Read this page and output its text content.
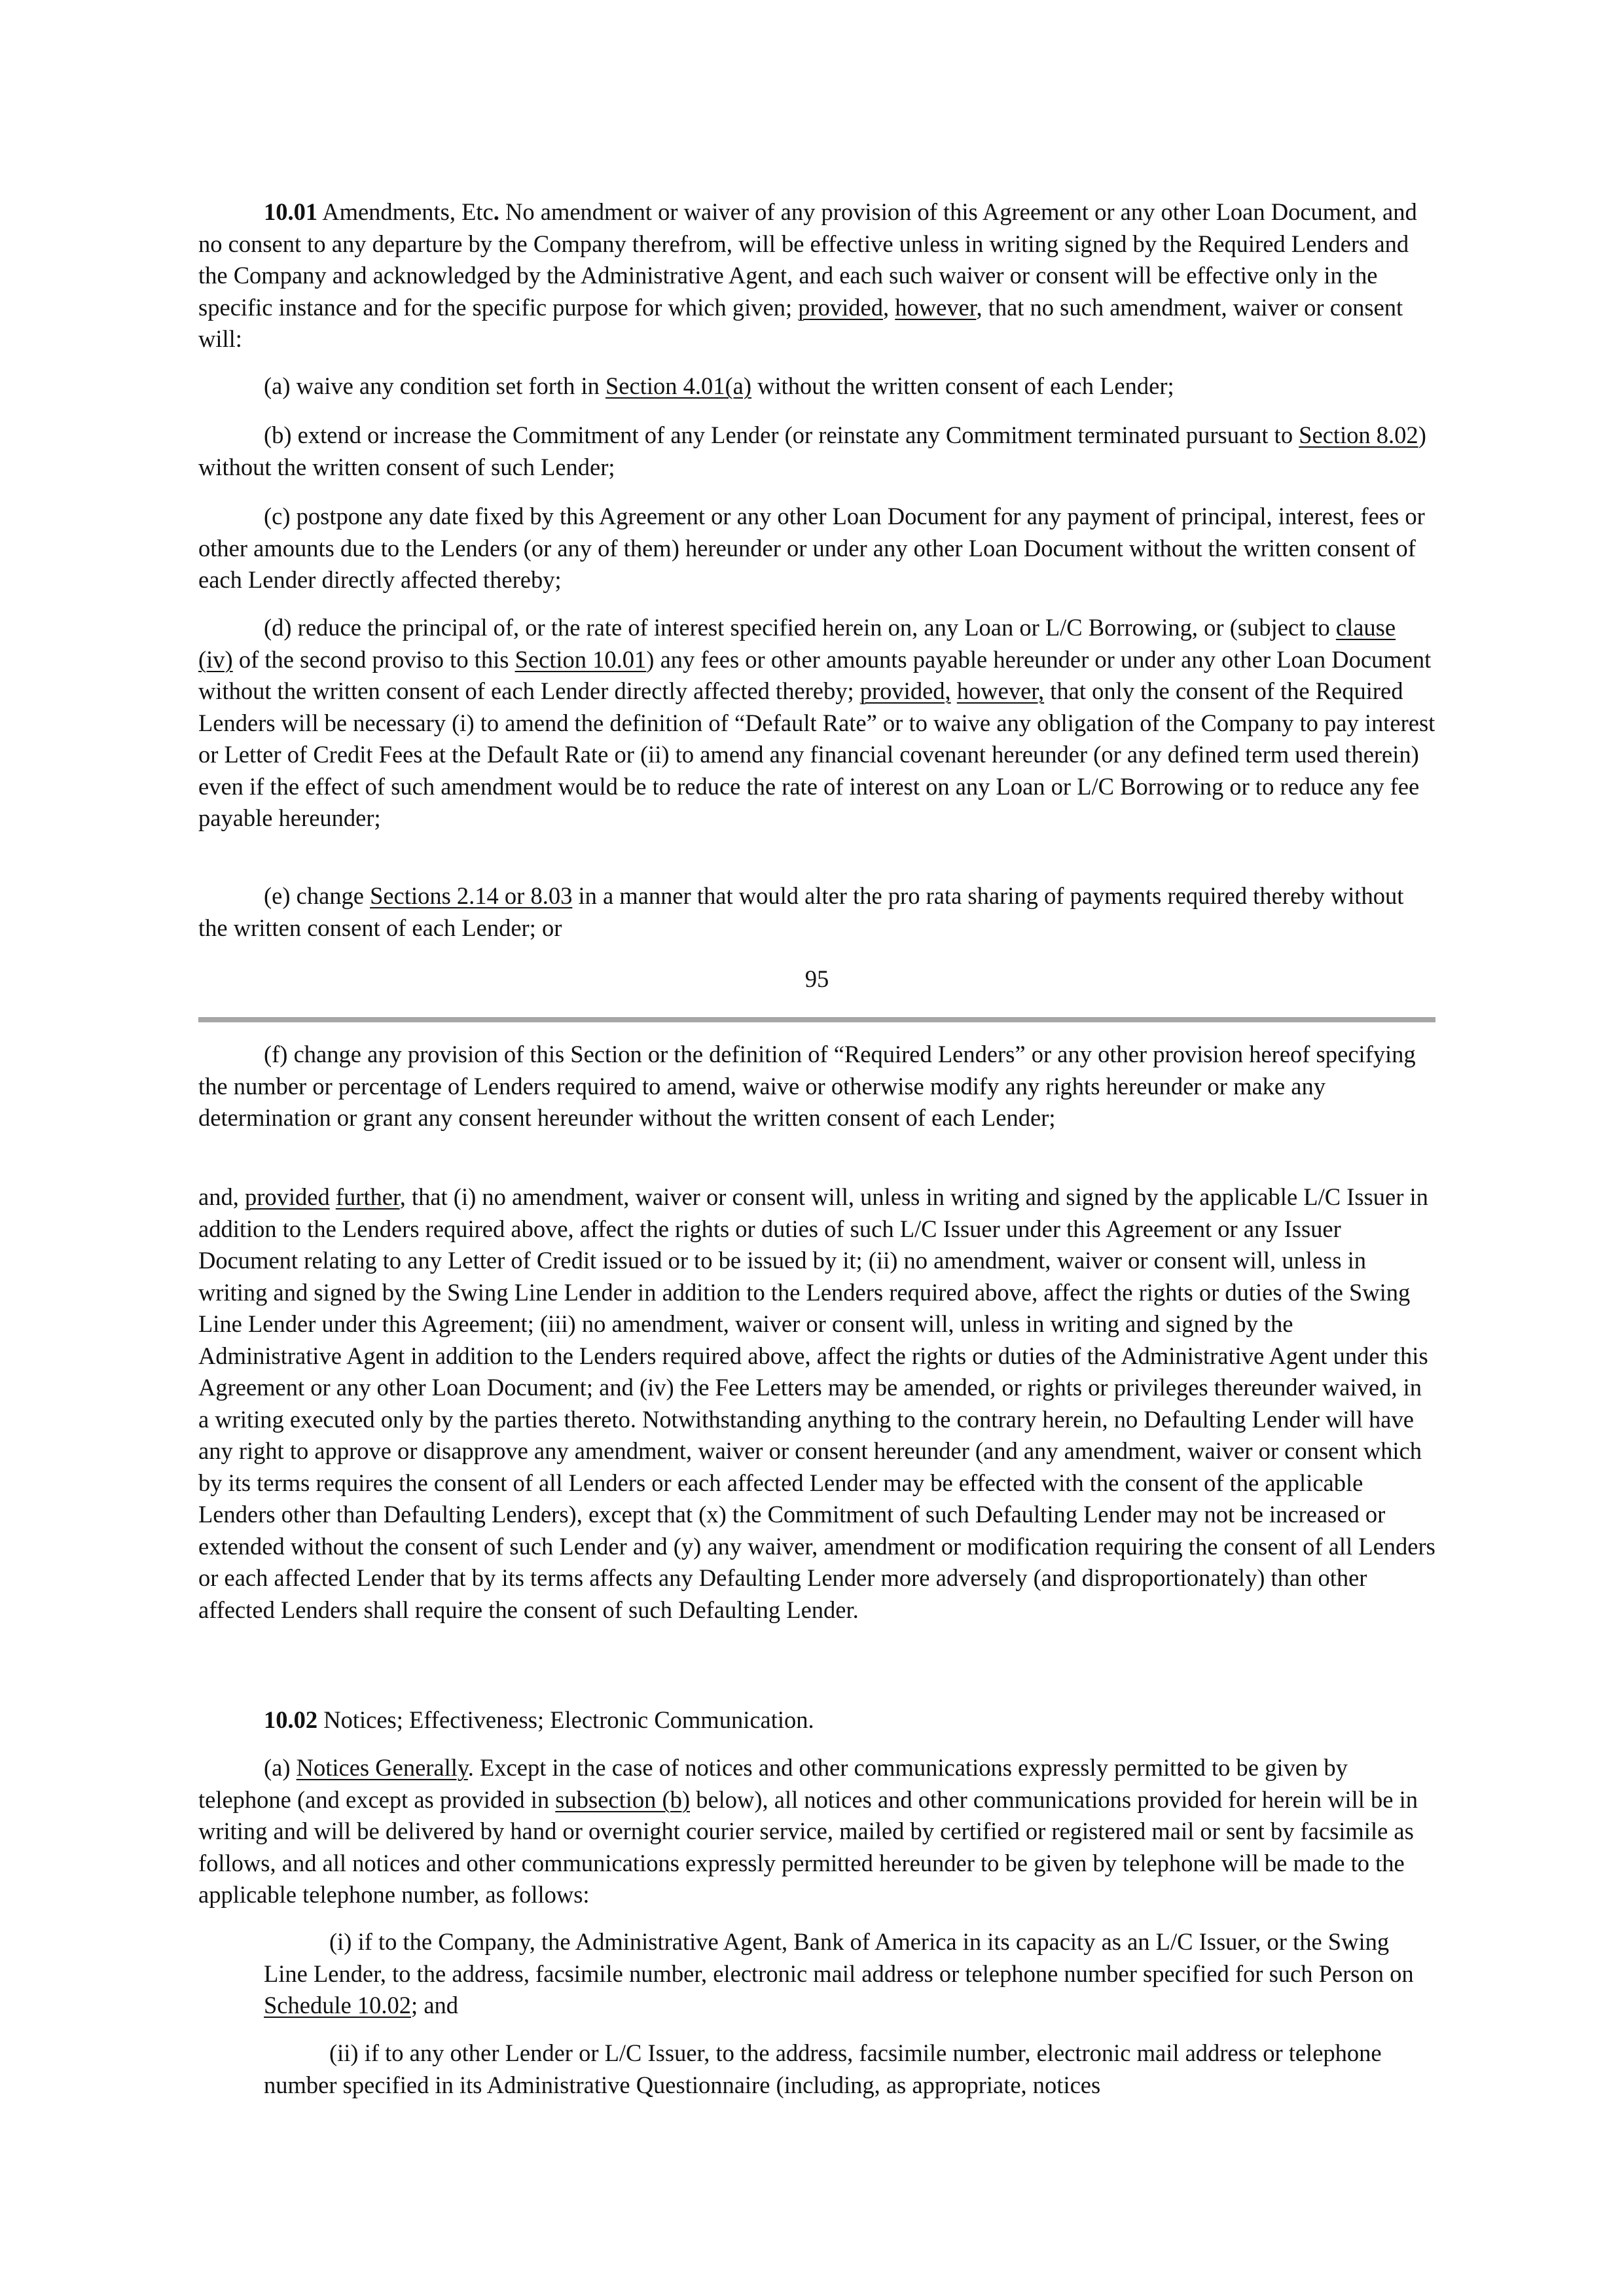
10.01 Amendments, Etc. No amendment or waiver of any provision of this Agreement or any other Loan Document, and no consent to any departure by the Company therefrom, will be effective unless in writing signed by the Required Lenders and the Company and acknowledged by the Administrative Agent, and each such waiver or consent will be effective only in the specific instance and for the specific purpose for which given; provided, however, that no such amendment, waiver or consent will:

(a) waive any condition set forth in Section 4.01(a) without the written consent of each Lender;

(b) extend or increase the Commitment of any Lender (or reinstate any Commitment terminated pursuant to Section 8.02) without the written consent of such Lender;

(c) postpone any date fixed by this Agreement or any other Loan Document for any payment of principal, interest, fees or other amounts due to the Lenders (or any of them) hereunder or under any other Loan Document without the written consent of each Lender directly affected thereby;

(d) reduce the principal of, or the rate of interest specified herein on, any Loan or L/C Borrowing, or (subject to clause (iv) of the second proviso to this Section 10.01) any fees or other amounts payable hereunder or under any other Loan Document without the written consent of each Lender directly affected thereby; provided, however, that only the consent of the Required Lenders will be necessary (i) to amend the definition of “Default Rate” or to waive any obligation of the Company to pay interest or Letter of Credit Fees at the Default Rate or (ii) to amend any financial covenant hereunder (or any defined term used therein) even if the effect of such amendment would be to reduce the rate of interest on any Loan or L/C Borrowing or to reduce any fee payable hereunder;

(e) change Sections 2.14 or 8.03 in a manner that would alter the pro rata sharing of payments required thereby without the written consent of each Lender; or

95

(f) change any provision of this Section or the definition of “Required Lenders” or any other provision hereof specifying the number or percentage of Lenders required to amend, waive or otherwise modify any rights hereunder or make any determination or grant any consent hereunder without the written consent of each Lender;

and, provided further, that (i) no amendment, waiver or consent will, unless in writing and signed by the applicable L/C Issuer in addition to the Lenders required above, affect the rights or duties of such L/C Issuer under this Agreement or any Issuer Document relating to any Letter of Credit issued or to be issued by it; (ii) no amendment, waiver or consent will, unless in writing and signed by the Swing Line Lender in addition to the Lenders required above, affect the rights or duties of the Swing Line Lender under this Agreement; (iii) no amendment, waiver or consent will, unless in writing and signed by the Administrative Agent in addition to the Lenders required above, affect the rights or duties of the Administrative Agent under this Agreement or any other Loan Document; and (iv) the Fee Letters may be amended, or rights or privileges thereunder waived, in a writing executed only by the parties thereto. Notwithstanding anything to the contrary herein, no Defaulting Lender will have any right to approve or disapprove any amendment, waiver or consent hereunder (and any amendment, waiver or consent which by its terms requires the consent of all Lenders or each affected Lender may be effected with the consent of the applicable Lenders other than Defaulting Lenders), except that (x) the Commitment of such Defaulting Lender may not be increased or extended without the consent of such Lender and (y) any waiver, amendment or modification requiring the consent of all Lenders or each affected Lender that by its terms affects any Defaulting Lender more adversely (and disproportionately) than other affected Lenders shall require the consent of such Defaulting Lender.

10.02 Notices; Effectiveness; Electronic Communication.

(a) Notices Generally. Except in the case of notices and other communications expressly permitted to be given by telephone (and except as provided in subsection (b) below), all notices and other communications provided for herein will be in writing and will be delivered by hand or overnight courier service, mailed by certified or registered mail or sent by facsimile as follows, and all notices and other communications expressly permitted hereunder to be given by telephone will be made to the applicable telephone number, as follows:

(i) if to the Company, the Administrative Agent, Bank of America in its capacity as an L/C Issuer, or the Swing Line Lender, to the address, facsimile number, electronic mail address or telephone number specified for such Person on Schedule 10.02; and

(ii) if to any other Lender or L/C Issuer, to the address, facsimile number, electronic mail address or telephone number specified in its Administrative Questionnaire (including, as appropriate, notices
